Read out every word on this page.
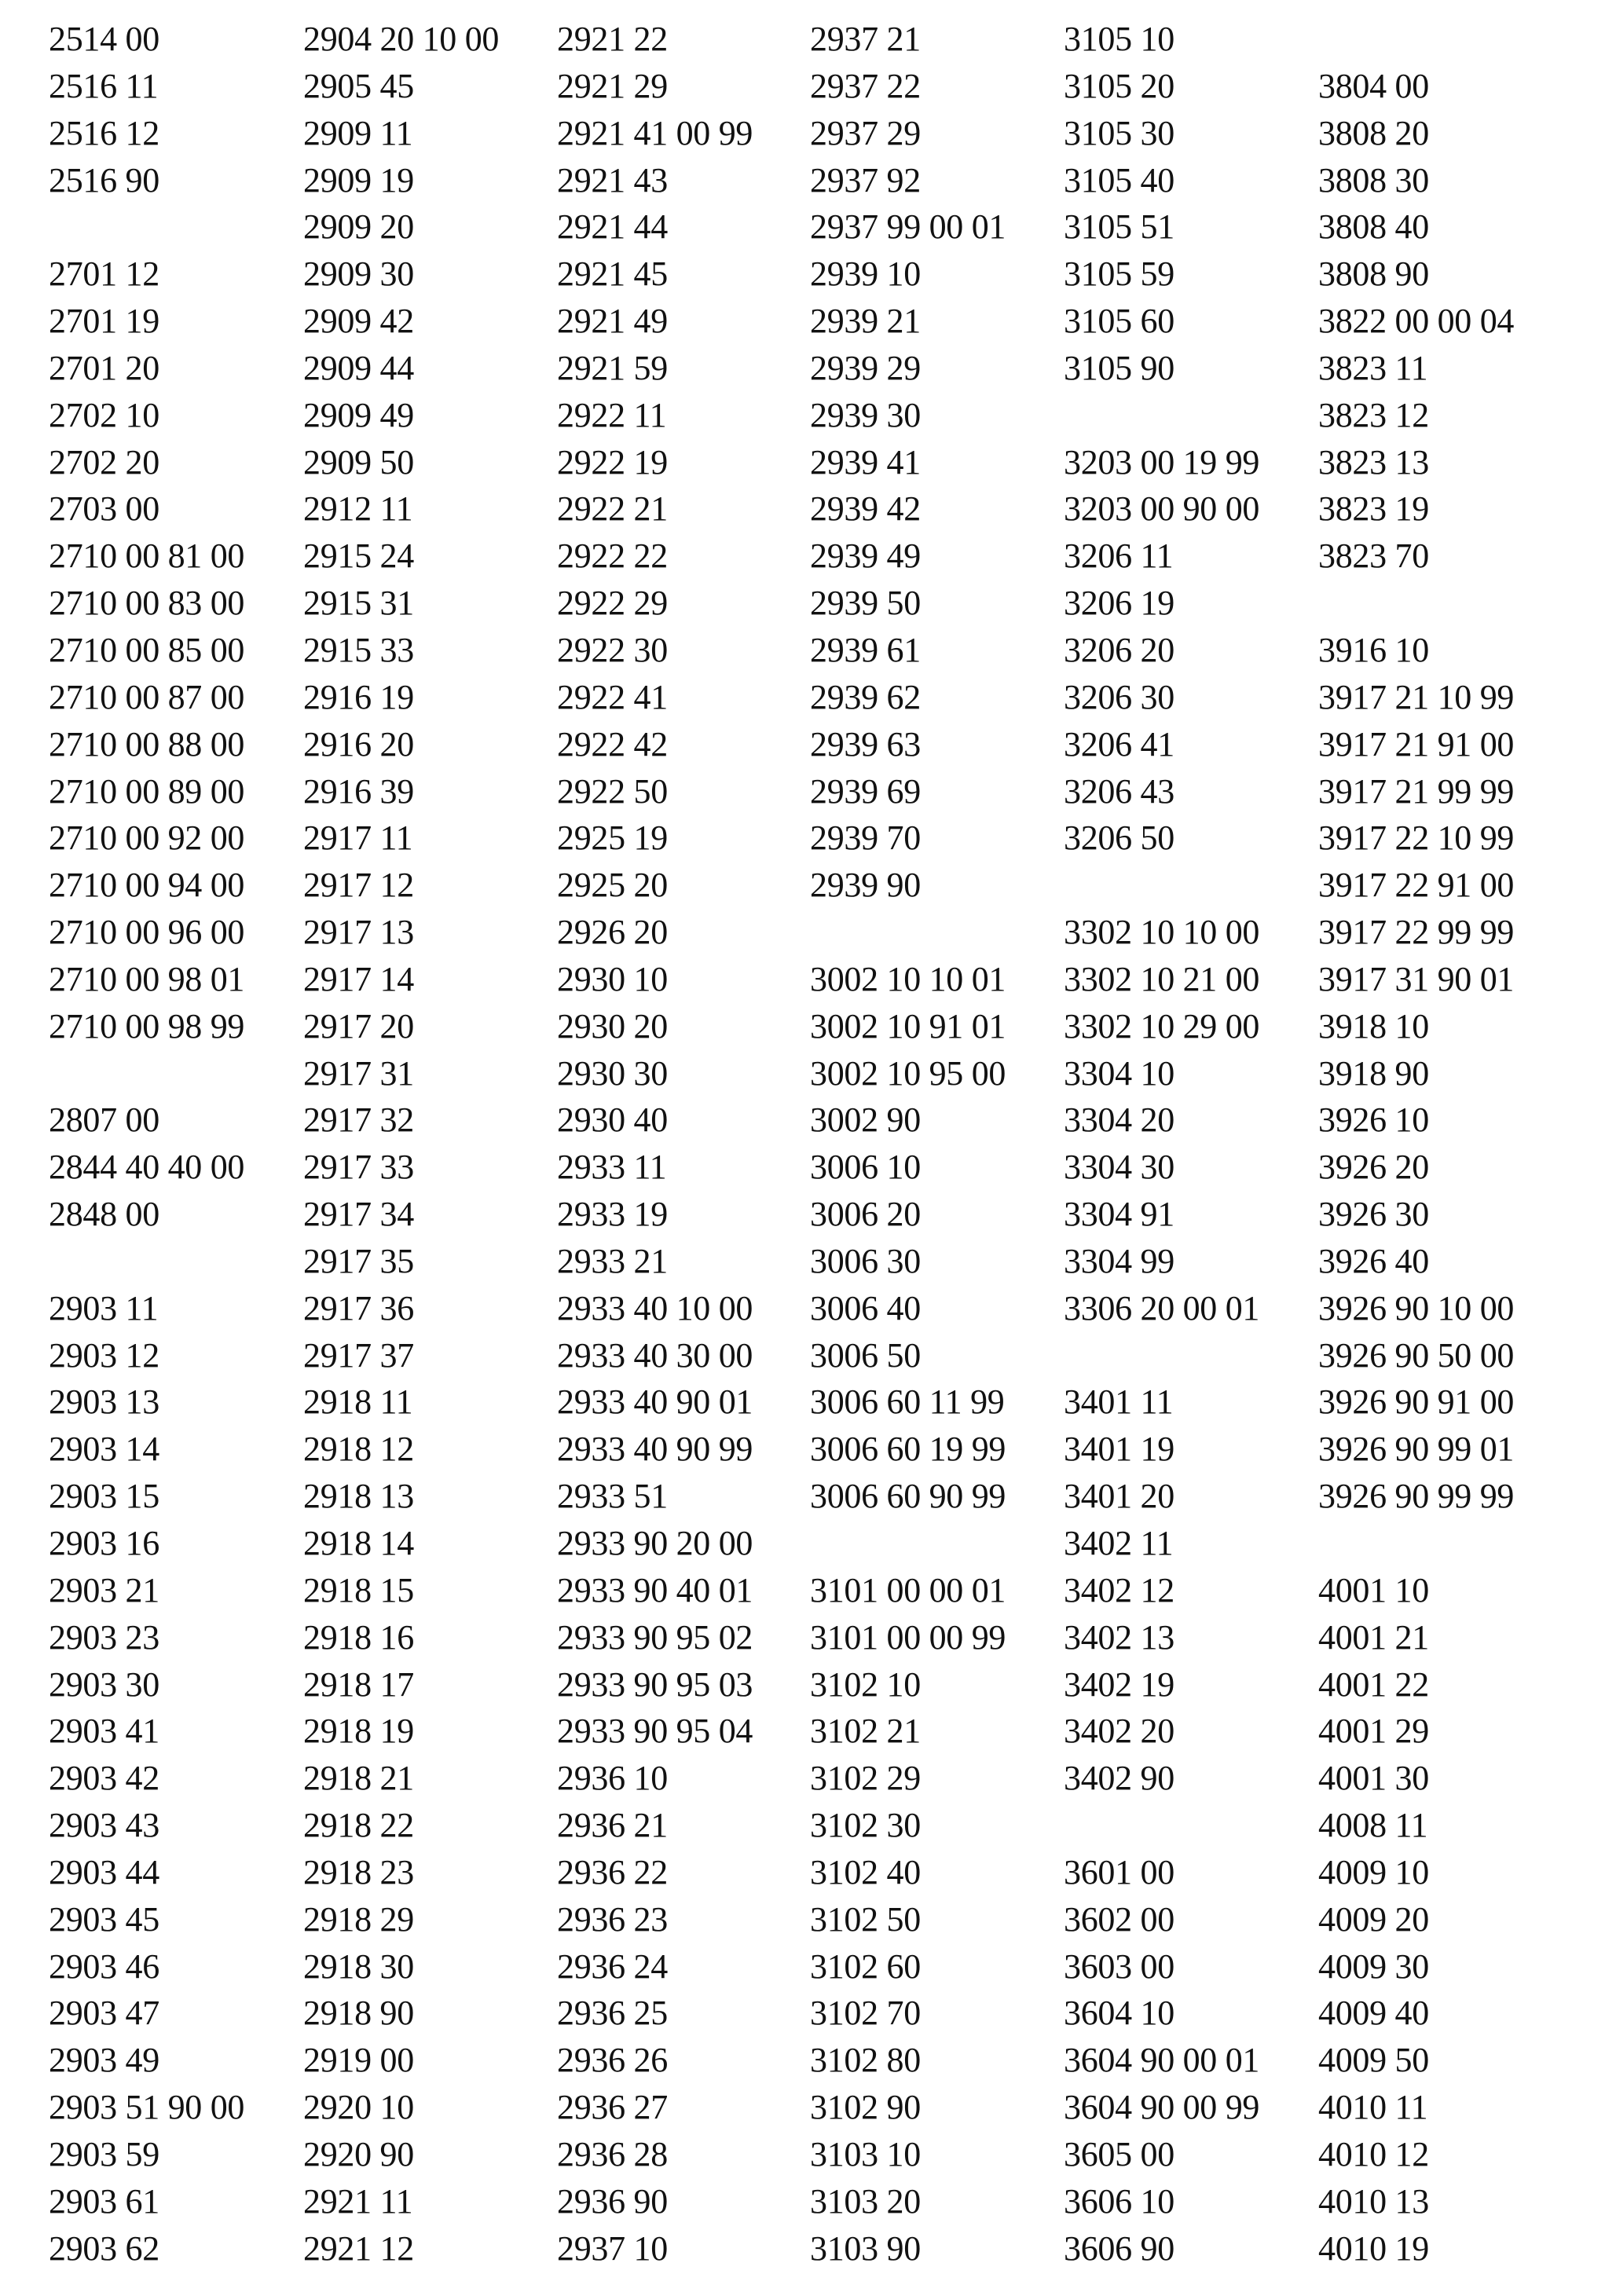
2514 00
2516 11
2516 12
2516 90
2701 12
2701 19
2701 20
2702 10
2702 20
2703 00
2710 00 81 00
2710 00 83 00
2710 00 85 00
2710 00 87 00
2710 00 88 00
2710 00 89 00
2710 00 92 00
2710 00 94 00
2710 00 96 00
2710 00 98 01
2710 00 98 99
2807 00
2844 40 40 00
2848 00
2903 11
2903 12
2903 13
2903 14
2903 15
2903 16
2903 21
2903 23
2903 30
2903 41
2903 42
2903 43
2903 44
2903 45
2903 46
2903 47
2903 49
2903 51 90 00
2903 59
2903 61
2903 62
2904 20 10 00
2905 45
2909 11
2909 19
2909 20
2909 30
2909 42
2909 44
2909 49
2909 50
2912 11
2915 24
2915 31
2915 33
2916 19
2916 20
2916 39
2917 11
2917 12
2917 13
2917 14
2917 20
2917 31
2917 32
2917 33
2917 34
2917 35
2917 36
2917 37
2918 11
2918 12
2918 13
2918 14
2918 15
2918 16
2918 17
2918 19
2918 21
2918 22
2918 23
2918 29
2918 30
2918 90
2919 00
2920 10
2920 90
2921 11
2921 12
2921 22
2921 29
2921 41 00 99
2921 43
2921 44
2921 45
2921 49
2921 59
2922 11
2922 19
2922 21
2922 22
2922 29
2922 30
2922 41
2922 42
2922 50
2925 19
2925 20
2926 20
2930 10
2930 20
2930 30
2930 40
2933 11
2933 19
2933 21
2933 40 10 00
2933 40 30 00
2933 40 90 01
2933 40 90 99
2933 51
2933 90 20 00
2933 90 40 01
2933 90 95 02
2933 90 95 03
2933 90 95 04
2936 10
2936 21
2936 22
2936 23
2936 24
2936 25
2936 26
2936 27
2936 28
2936 90
2937 10
2937 21
2937 22
2937 29
2937 92
2937 99 00 01
2939 10
2939 21
2939 29
2939 30
2939 41
2939 42
2939 49
2939 50
2939 61
2939 62
2939 63
2939 69
2939 70
2939 90
3002 10 10 01
3002 10 91 01
3002 10 95 00
3002 90
3006 10
3006 20
3006 30
3006 40
3006 50
3006 60 11 99
3006 60 19 99
3006 60 90 99
3101 00 00 01
3101 00 00 99
3102 10
3102 21
3102 29
3102 30
3102 40
3102 50
3102 60
3102 70
3102 80
3102 90
3103 10
3103 20
3103 90
3105 10
3105 20
3105 30
3105 40
3105 51
3105 59
3105 60
3105 90
3203 00 19 99
3203 00 90 00
3206 11
3206 19
3206 20
3206 30
3206 41
3206 43
3206 50
3302 10 10 00
3302 10 21 00
3302 10 29 00
3304 10
3304 20
3304 30
3304 91
3304 99
3306 20 00 01
3401 11
3401 19
3401 20
3402 11
3402 12
3402 13
3402 19
3402 20
3402 90
3601 00
3602 00
3603 00
3604 10
3604 90 00 01
3604 90 00 99
3605 00
3606 10
3606 90
3804 00
3808 20
3808 30
3808 40
3808 90
3822 00 00 04
3823 11
3823 12
3823 13
3823 19
3823 70
3916 10
3917 21 10 99
3917 21 91 00
3917 21 99 99
3917 22 10 99
3917 22 91 00
3917 22 99 99
3917 31 90 01
3918 10
3918 90
3926 10
3926 20
3926 30
3926 40
3926 90 10 00
3926 90 50 00
3926 90 91 00
3926 90 99 01
3926 90 99 99
4001 10
4001 21
4001 22
4001 29
4001 30
4008 11
4009 10
4009 20
4009 30
4009 40
4009 50
4010 11
4010 12
4010 13
4010 19
